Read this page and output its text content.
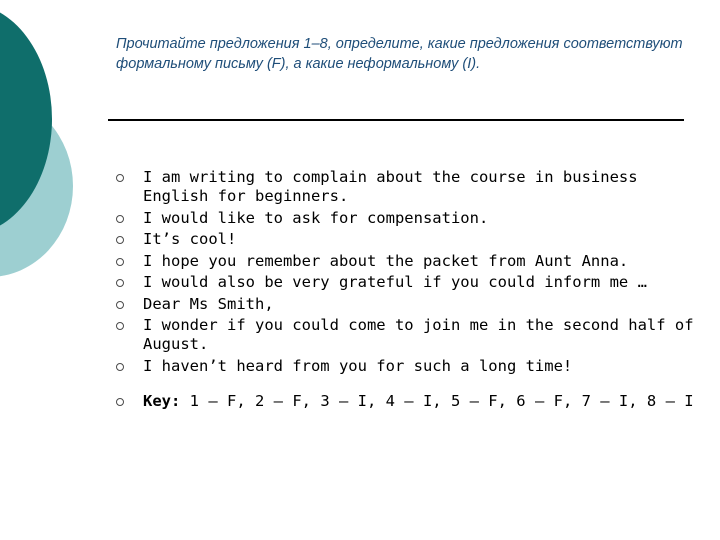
Прочитайте предложения 1–8, определите, какие предложения соответствуют формальному письму (F), а какие неформальному (I).
I am writing to complain about the course in business English for beginners.
I would like to ask for compensation.
It’s cool!
I hope you remember about the packet from Aunt Anna.
I would also be very grateful if you could inform me …
Dear Ms Smith,
I wonder if you could come to join me in the second half of August.
I haven’t heard from you for such a long time!
Key: 1 – F, 2 – F, 3 – I, 4 – I, 5 – F, 6 – F, 7 – I, 8 – I
